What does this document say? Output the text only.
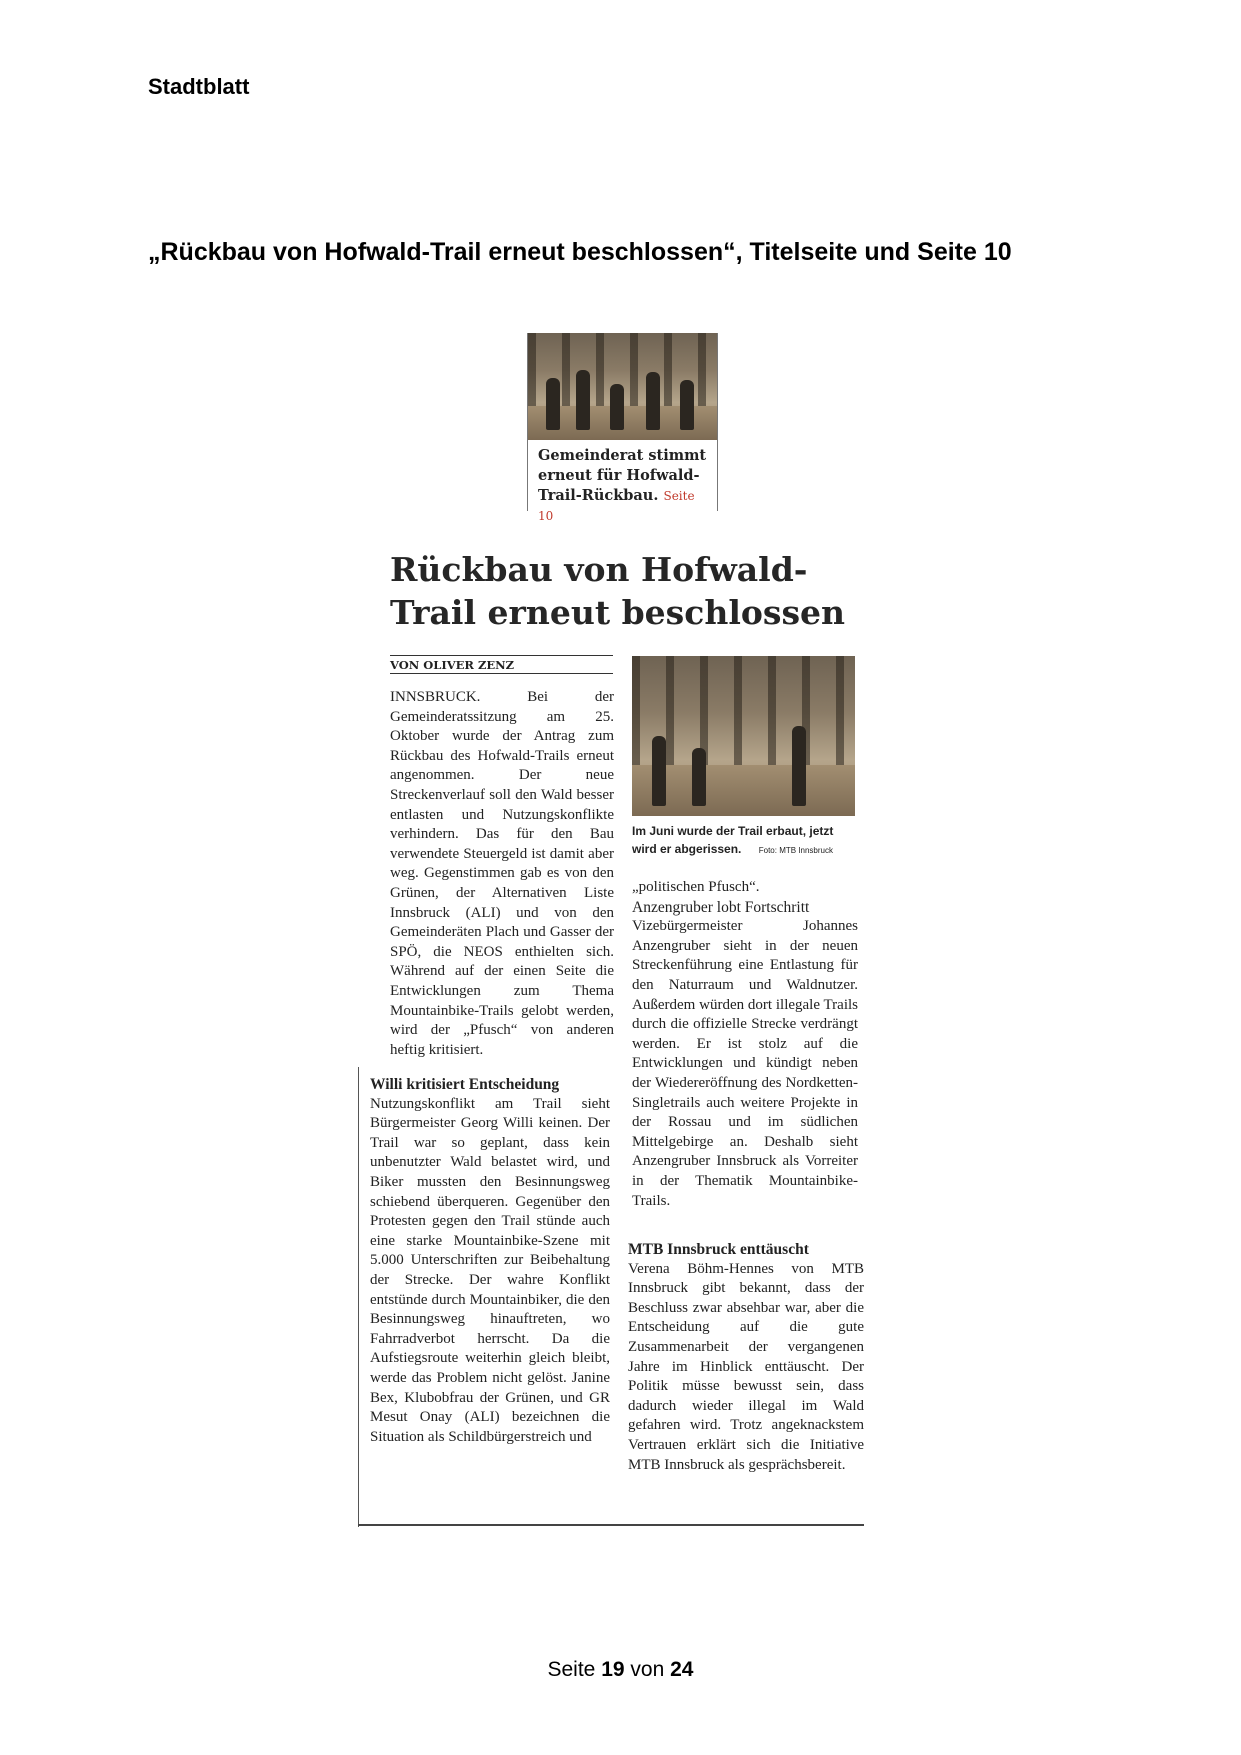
Stadtblatt
„Rückbau von Hofwald-Trail erneut beschlossen“, Titelseite und Seite 10
Gemeinderat stimmt erneut für Hofwald-Trail-Rückbau. Seite 10
Rückbau von Hofwald-Trail erneut beschlossen
VON OLIVER ZENZ

INNSBRUCK. Bei der Gemeinderatssitzung am 25. Oktober wurde der Antrag zum Rückbau des Hofwald-Trails erneut angenommen. Der neue Streckenverlauf soll den Wald besser entlasten und Nutzungskonflikte verhindern. Das für den Bau verwendete Steuergeld ist damit aber weg. Gegenstimmen gab es von den Grünen, der Alternativen Liste Innsbruck (ALI) und von den Gemeinderäten Plach und Gasser der SPÖ, die NEOS enthielten sich. Während auf der einen Seite die Entwicklungen zum Thema Mountainbike-Trails gelobt werden, wird der „Pfusch“ von anderen heftig kritisiert.

Im Juni wurde der Trail erbaut, jetzt wird er abgerissen. Foto: MTB Innsbruck

„politischen Pfusch“.

Anzengruber lobt Fortschritt

Vizebürgermeister Johannes Anzengruber sieht in der neuen Streckenführung eine Entlastung für den Naturraum und Waldnutzer. Außerdem würden dort illegale Trails durch die offizielle Strecke verdrängt werden. Er ist stolz auf die Entwicklungen und kündigt neben der Wiedereröffnung des Nordketten-Singletrails auch weitere Projekte in der Rossau und im südlichen Mittelgebirge an. Deshalb sieht Anzengruber Innsbruck als Vorreiter in der Thematik Mountainbike-Trails.

Willi kritisiert Entscheidung

Nutzungskonflikt am Trail sieht Bürgermeister Georg Willi keinen. Der Trail war so geplant, dass kein unbenutzter Wald belastet wird, und Biker mussten den Besinnungsweg schiebend überqueren. Gegenüber den Protesten gegen den Trail stünde auch eine starke Mountainbike-Szene mit 5.000 Unterschriften zur Beibehaltung der Strecke. Der wahre Konflikt entstünde durch Mountainbiker, die den Besinnungsweg hinauftreten, wo Fahrradverbot herrscht. Da die Aufstiegsroute weiterhin gleich bleibt, werde das Problem nicht gelöst. Janine Bex, Klubobfrau der Grünen, und GR Mesut Onay (ALI) bezeichnen die Situation als Schildbürgerstreich und

MTB Innsbruck enttäuscht

Verena Böhm-Hennes von MTB Innsbruck gibt bekannt, dass der Beschluss zwar absehbar war, aber die Entscheidung auf die gute Zusammenarbeit der vergangenen Jahre im Hinblick enttäuscht. Der Politik müsse bewusst sein, dass dadurch wieder illegal im Wald gefahren wird. Trotz angeknackstem Vertrauen erklärt sich die Initiative MTB Innsbruck als gesprächsbereit.

Seite 19 von 24
